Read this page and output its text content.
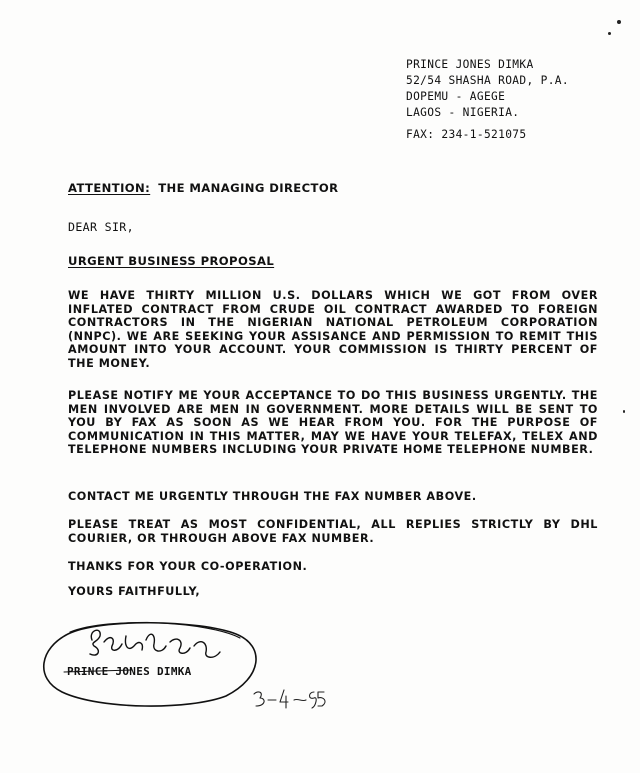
PRINCE JONES DIMKA
52/54 SHASHA ROAD, P.A.
DOPEMU - AGEGE
LAGOS - NIGERIA.
FAX: 234-1-521075
ATTENTION: THE MANAGING DIRECTOR
DEAR SIR,
URGENT BUSINESS PROPOSAL
WE HAVE THIRTY MILLION U.S. DOLLARS WHICH WE GOT FROM OVER INFLATED CONTRACT FROM CRUDE OIL CONTRACT AWARDED TO FOREIGN CONTRACTORS IN THE NIGERIAN NATIONAL PETROLEUM CORPORATION (NNPC). WE ARE SEEKING YOUR ASSISANCE AND PERMISSION TO REMIT THIS AMOUNT INTO YOUR ACCOUNT. YOUR COMMISSION IS THIRTY PERCENT OF THE MONEY.
PLEASE NOTIFY ME YOUR ACCEPTANCE TO DO THIS BUSINESS URGENTLY. THE MEN INVOLVED ARE MEN IN GOVERNMENT. MORE DETAILS WILL BE SENT TO YOU BY FAX AS SOON AS WE HEAR FROM YOU. FOR THE PURPOSE OF COMMUNICATION IN THIS MATTER, MAY WE HAVE YOUR TELEFAX, TELEX AND TELEPHONE NUMBERS INCLUDING YOUR PRIVATE HOME TELEPHONE NUMBER.
CONTACT ME URGENTLY THROUGH THE FAX NUMBER ABOVE.
PLEASE TREAT AS MOST CONFIDENTIAL, ALL REPLIES STRICTLY BY DHL COURIER, OR THROUGH ABOVE FAX NUMBER.
THANKS FOR YOUR CO-OPERATION.
YOURS FAITHFULLY,
PRINCE JONES DIMKA
